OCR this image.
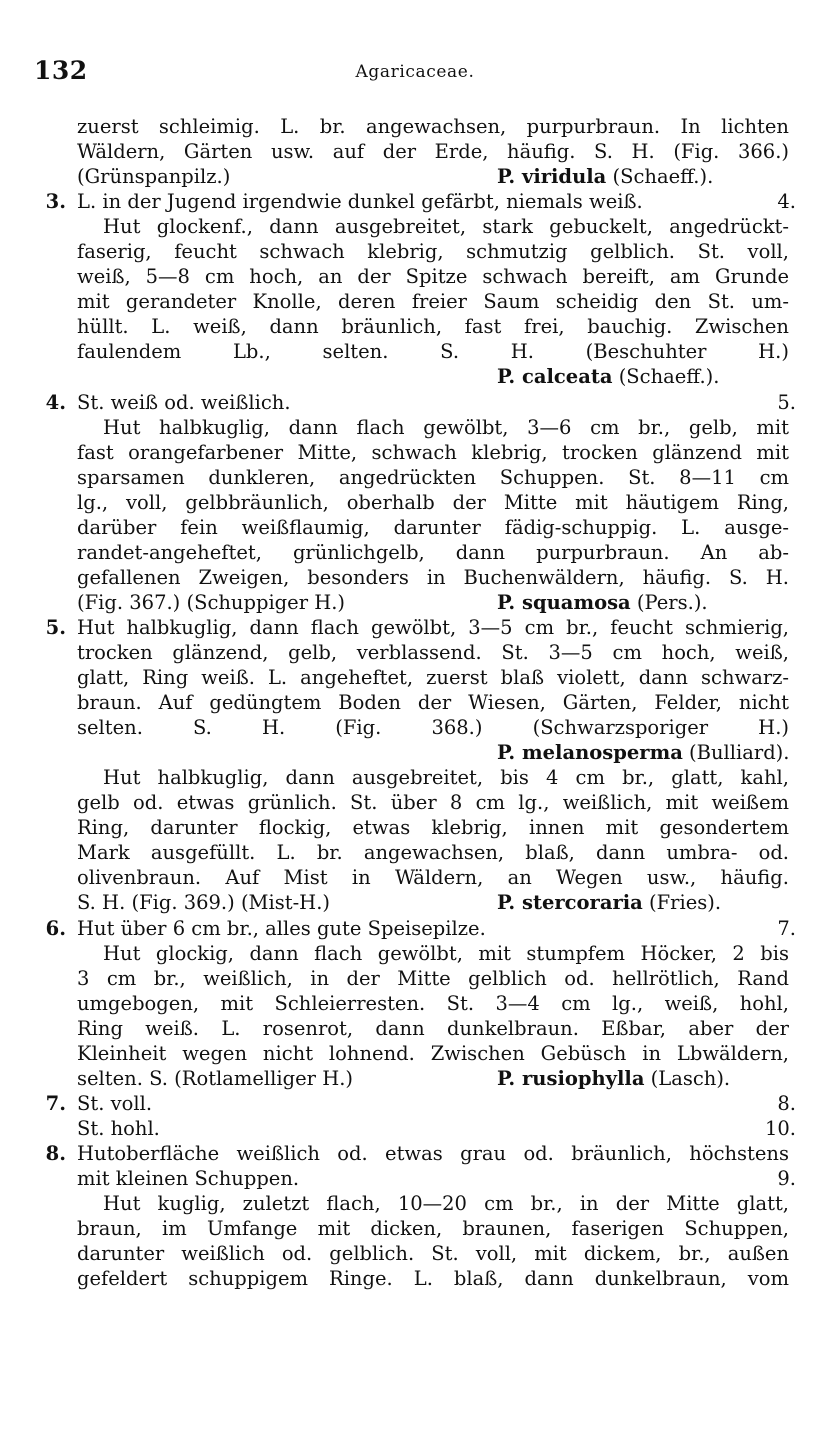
132	Agaricaceae.
zuerst schleimig. L. br. angewachsen, purpurbraun. In lichten
Wäldern, Gärten usw. auf der Erde, häufig. S. H. (Fig. 366.)
(Grünspanpilz.)	P. viridula (Schaeff.).
3. L. in der Jugend irgendwie dunkel gefärbt, niemals weiß.	4.
Hut glockenf., dann ausgebreitet, stark gebuckelt, angedrückt-
faserig, feucht schwach klebrig, schmutzig gelblich. St. voll,
weiß, 5—8 cm hoch, an der Spitze schwach bereift, am Grunde
mit gerandeter Knolle, deren freier Saum scheidig den St. um-
hüllt. L. weiß, dann bräunlich, fast frei, bauchig. Zwischen
faulendem Lb., selten. S. H. (Beschuhter H.)
P. calceata (Schaeff.).
4. St. weiß od. weißlich.	5.
Hut halbkuglig, dann flach gewölbt, 3—6 cm br., gelb, mit
fast orangefarbener Mitte, schwach klebrig, trocken glänzend mit
sparsamen dunkleren, angedrückten Schuppen. St. 8—11 cm
lg., voll, gelbbräunlich, oberhalb der Mitte mit häutigem Ring,
darüber fein weißflaumig, darunter fädig-schuppig. L. ausge-
randet-angeheftet, grünlichgelb, dann purpurbraun. An ab-
gefallenen Zweigen, besonders in Buchenwäldern, häufig. S. H.
(Fig. 367.) (Schuppiger H.)	P. squamosa (Pers.).
5. Hut halbkuglig, dann flach gewölbt, 3—5 cm br., feucht schmierig,
trocken glänzend, gelb, verblassend. St. 3—5 cm hoch, weiß,
glatt, Ring weiß. L. angeheftet, zuerst blaß violett, dann schwarz-
braun. Auf gedüngtem Boden der Wiesen, Gärten, Felder, nicht
selten. S. H. (Fig. 368.) (Schwarzsporiger H.)
P. melanosperma (Bulliard).
Hut halbkuglig, dann ausgebreitet, bis 4 cm br., glatt, kahl,
gelb od. etwas grünlich. St. über 8 cm lg., weißlich, mit weißem
Ring, darunter flockig, etwas klebrig, innen mit gesondertem
Mark ausgefüllt. L. br. angewachsen, blaß, dann umbra- od.
olivenbraun. Auf Mist in Wäldern, an Wegen usw., häufig.
S. H. (Fig. 369.) (Mist-H.)	P. stercoraria (Fries).
6. Hut über 6 cm br., alles gute Speisepilze.	7.
Hut glockig, dann flach gewölbt, mit stumpfem Höcker, 2 bis
3 cm br., weißlich, in der Mitte gelblich od. hellrötlich, Rand
umgebogen, mit Schleierresten. St. 3—4 cm lg., weiß, hohl,
Ring weiß. L. rosenrot, dann dunkelbraun. Eßbar, aber der
Kleinheit wegen nicht lohnend. Zwischen Gebüsch in Lbwäldern,
selten. S. (Rotlamelliger H.)	P. rusiophylla (Lasch).
7. St. voll.	8.
St. hohl.	10.
8. Hutoberfläche weißlich od. etwas grau od. bräunlich, höchstens
mit kleinen Schuppen.	9.
Hut kuglig, zuletzt flach, 10—20 cm br., in der Mitte glatt,
braun, im Umfange mit dicken, braunen, faserigen Schuppen,
darunter weißlich od. gelblich. St. voll, mit dickem, br., außen
gefeldert schuppigem Ringe. L. blaß, dann dunkelbraun, vom
